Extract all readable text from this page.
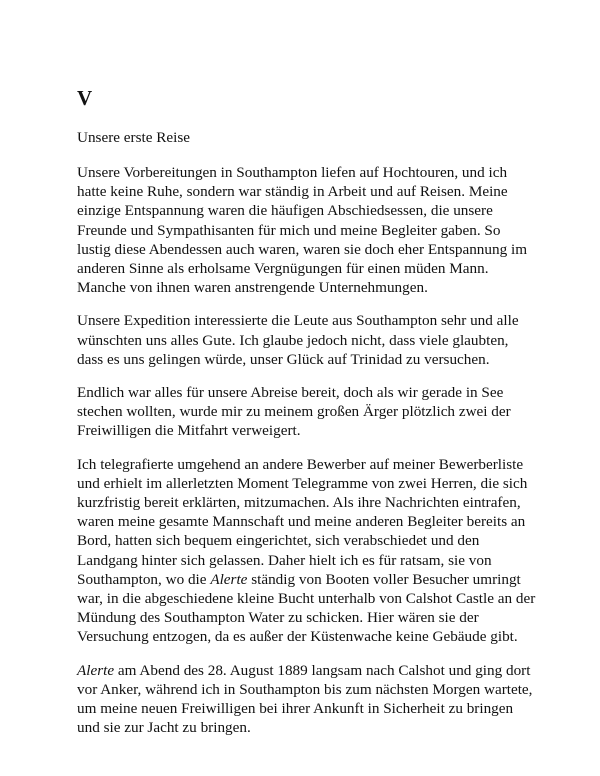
V
Unsere erste Reise

Unsere Vorbereitungen in Southampton liefen auf Hochtouren, und ich hatte keine Ruhe, sondern war ständig in Arbeit und auf Reisen. Meine einzige Entspannung waren die häufigen Abschiedsessen, die unsere Freunde und Sympathisanten für mich und meine Begleiter gaben. So lustig diese Abendessen auch waren, waren sie doch eher Entspannung im anderen Sinne als erholsame Vergnügungen für einen müden Mann. Manche von ihnen waren anstrengende Unternehmungen.

Unsere Expedition interessierte die Leute aus Southampton sehr und alle wünschten uns alles Gute. Ich glaube jedoch nicht, dass viele glaubten, dass es uns gelingen würde, unser Glück auf Trinidad zu versuchen.

Endlich war alles für unsere Abreise bereit, doch als wir gerade in See stechen wollten, wurde mir zu meinem großen Ärger plötzlich zwei der Freiwilligen die Mitfahrt verweigert.

Ich telegrafierte umgehend an andere Bewerber auf meiner Bewerberliste und erhielt im allerletzten Moment Telegramme von zwei Herren, die sich kurzfristig bereit erklärten, mitzumachen. Als ihre Nachrichten eintrafen, waren meine gesamte Mannschaft und meine anderen Begleiter bereits an Bord, hatten sich bequem eingerichtet, sich verabschiedet und den Landgang hinter sich gelassen. Daher hielt ich es für ratsam, sie von Southampton, wo die Alerte ständig von Booten voller Besucher umringt war, in die abgeschiedene kleine Bucht unterhalb von Calshot Castle an der Mündung des Southampton Water zu schicken. Hier wären sie der Versuchung entzogen, da es außer der Küstenwache keine Gebäude gibt.

Alerte am Abend des 28. August 1889 langsam nach Calshot und ging dort vor Anker, während ich in Southampton bis zum nächsten Morgen wartete, um meine neuen Freiwilligen bei ihrer Ankunft in Sicherheit zu bringen und sie zur Jacht zu bringen.
